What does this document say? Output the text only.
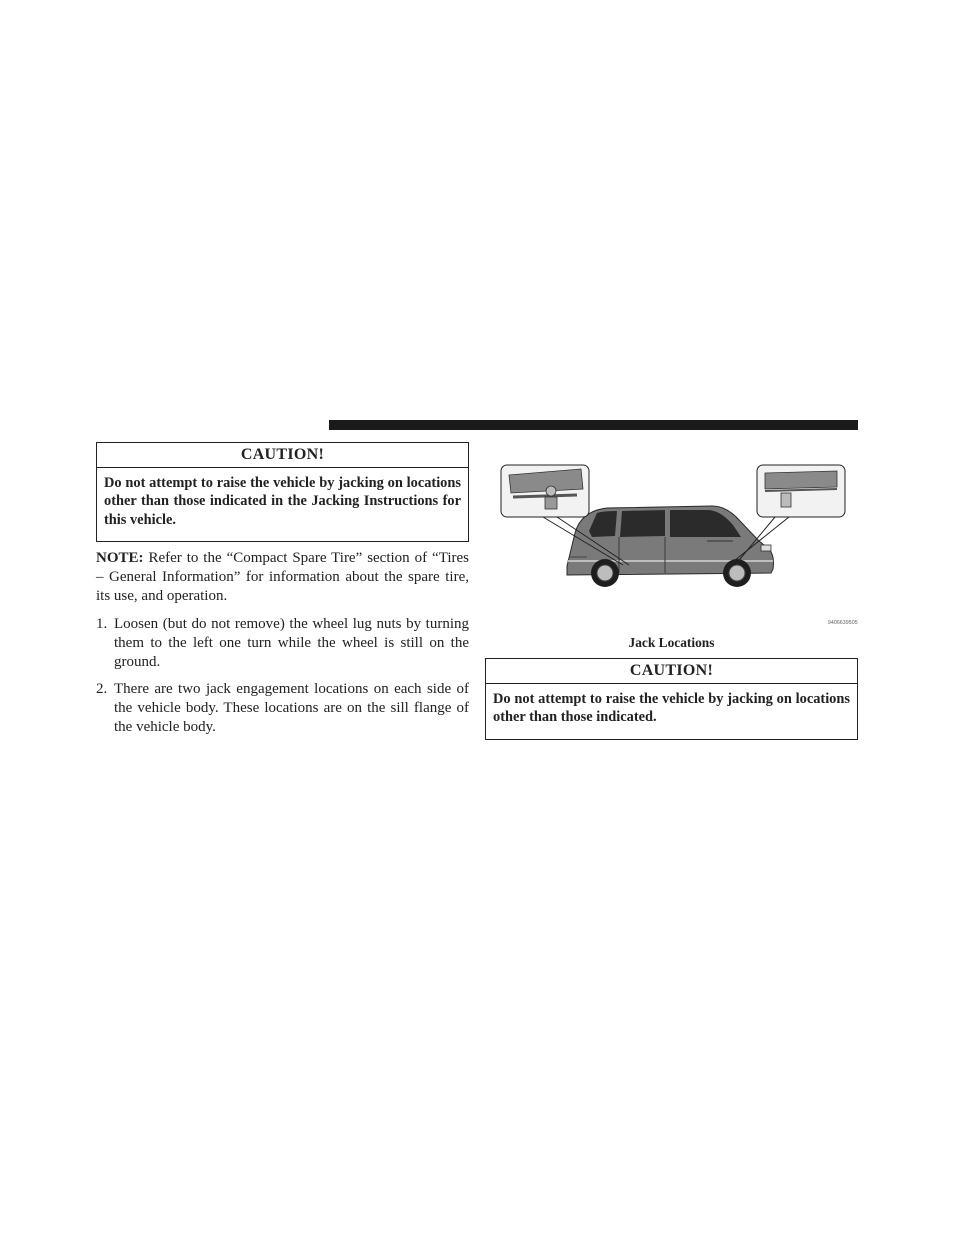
CAUTION!
Do not attempt to raise the vehicle by jacking on locations other than those indicated in the Jacking Instructions for this vehicle.
NOTE: Refer to the “Compact Spare Tire” section of “Tires – General Information” for information about the spare tire, its use, and operation.
1. Loosen (but do not remove) the wheel lug nuts by turning them to the left one turn while the wheel is still on the ground.
2. There are two jack engagement locations on each side of the vehicle body. These locations are on the sill flange of the vehicle body.
9406639505
Jack Locations
CAUTION!
Do not attempt to raise the vehicle by jacking on locations other than those indicated.
